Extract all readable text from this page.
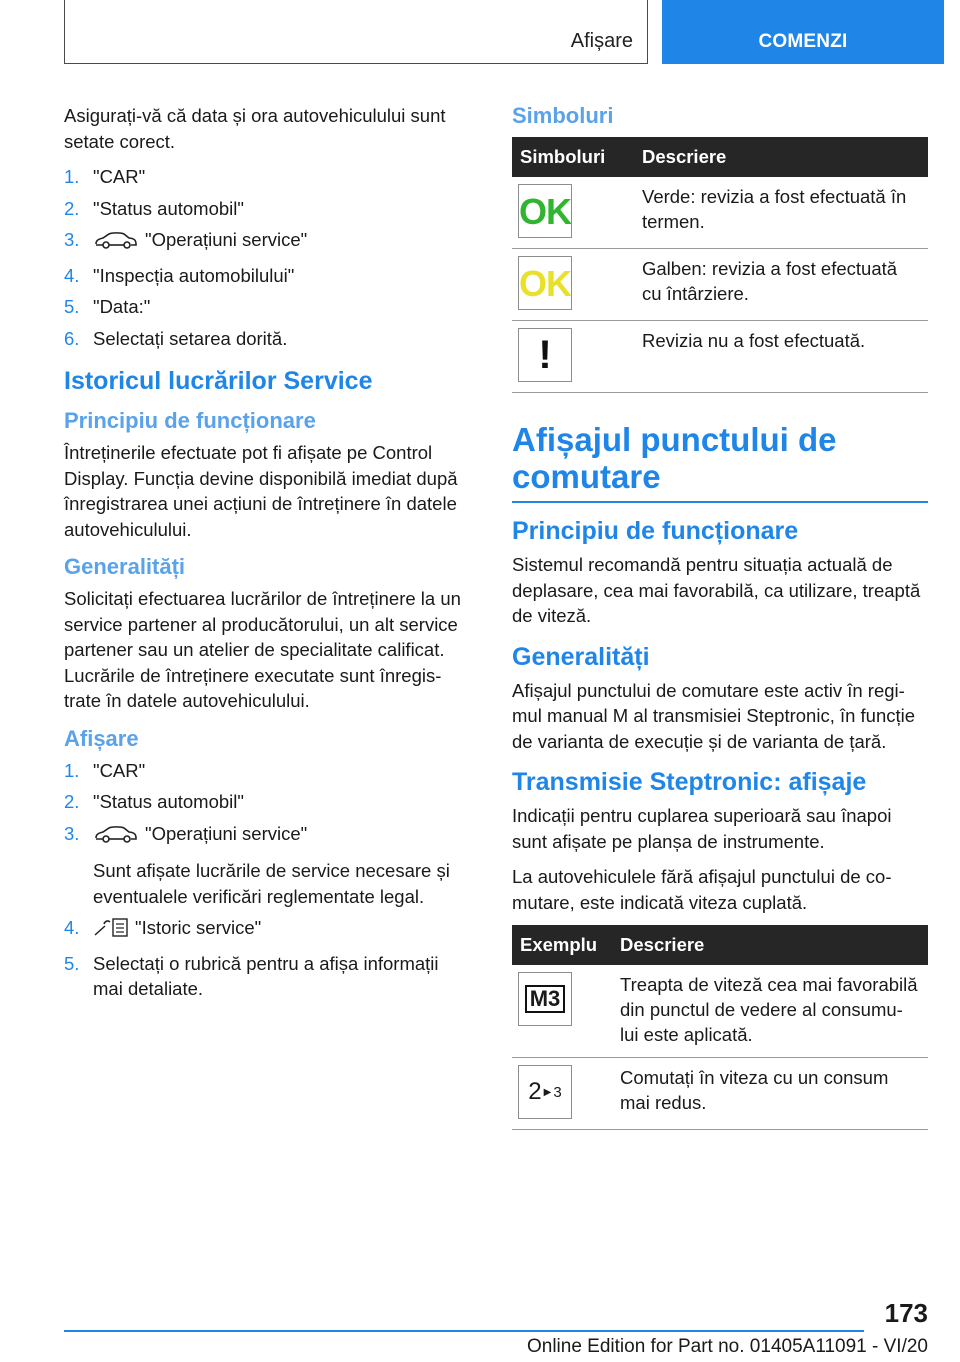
Afișare	COMENZI

Asigurați-vă că data și ora autovehiculului sunt setate corect.

1. "CAR"
2. "Status automobil"
3.	"Operațiuni service"
4. "Inspecția automobilului"
5. "Data:"
6. Selectați setarea dorită.
Istoricul lucrărilor Service
Principiu de funcționare

Întreținerile efectuate pot fi afișate pe Control Display. Funcția devine disponibilă imediat după înregistrarea unei acțiuni de întreținere în datele autovehiculului.

Generalități

Solicitați efectuarea lucrărilor de întreținere la un service partener al producătorului, un alt service partener sau un atelier de specialitate calificat. Lucrările de întreținere executate sunt înregis‐trate în datele autovehiculului.

Afișare
1. "CAR"
2. "Status automobil"
3.	"Operațiuni service"
Sunt afișate lucrările de service necesare și eventualele verificări reglementate legal.
4.	"Istoric service"
5. Selectați o rubrică pentru a afișa informații mai detaliate.
Simboluri
Simboluri	Descriere

OK	Verde: revizia a fost efectuată în termen.

OK	Galben: revizia a fost efectuată cu întârziere.

!	Revizia nu a fost efectuată.
Afișajul punctului de comutare
Principiu de funcționare

Sistemul recomandă pentru situația actuală de deplasare, cea mai favorabilă, ca utilizare, treaptă de viteză.

Generalități

Afișajul punctului de comutare este activ în regi‐mul manual M al transmisiei Steptronic, în funcție de varianta de execuție și de varianta de țară.

Transmisie Steptronic: afișaje

Indicații pentru cuplarea superioară sau înapoi sunt afișate pe planșa de instrumente.

La autovehiculele fără afișajul punctului de co‐mutare, este indicată viteza cuplată.

Exemplu	Descriere

M3	Treapta de viteză cea mai favorabilă din punctul de vedere al consumu‐lui este aplicată.

2 ▶ 3	Comutați în viteza cu un consum mai redus.
173
Online Edition for Part no. 01405A11091 - VI/20
